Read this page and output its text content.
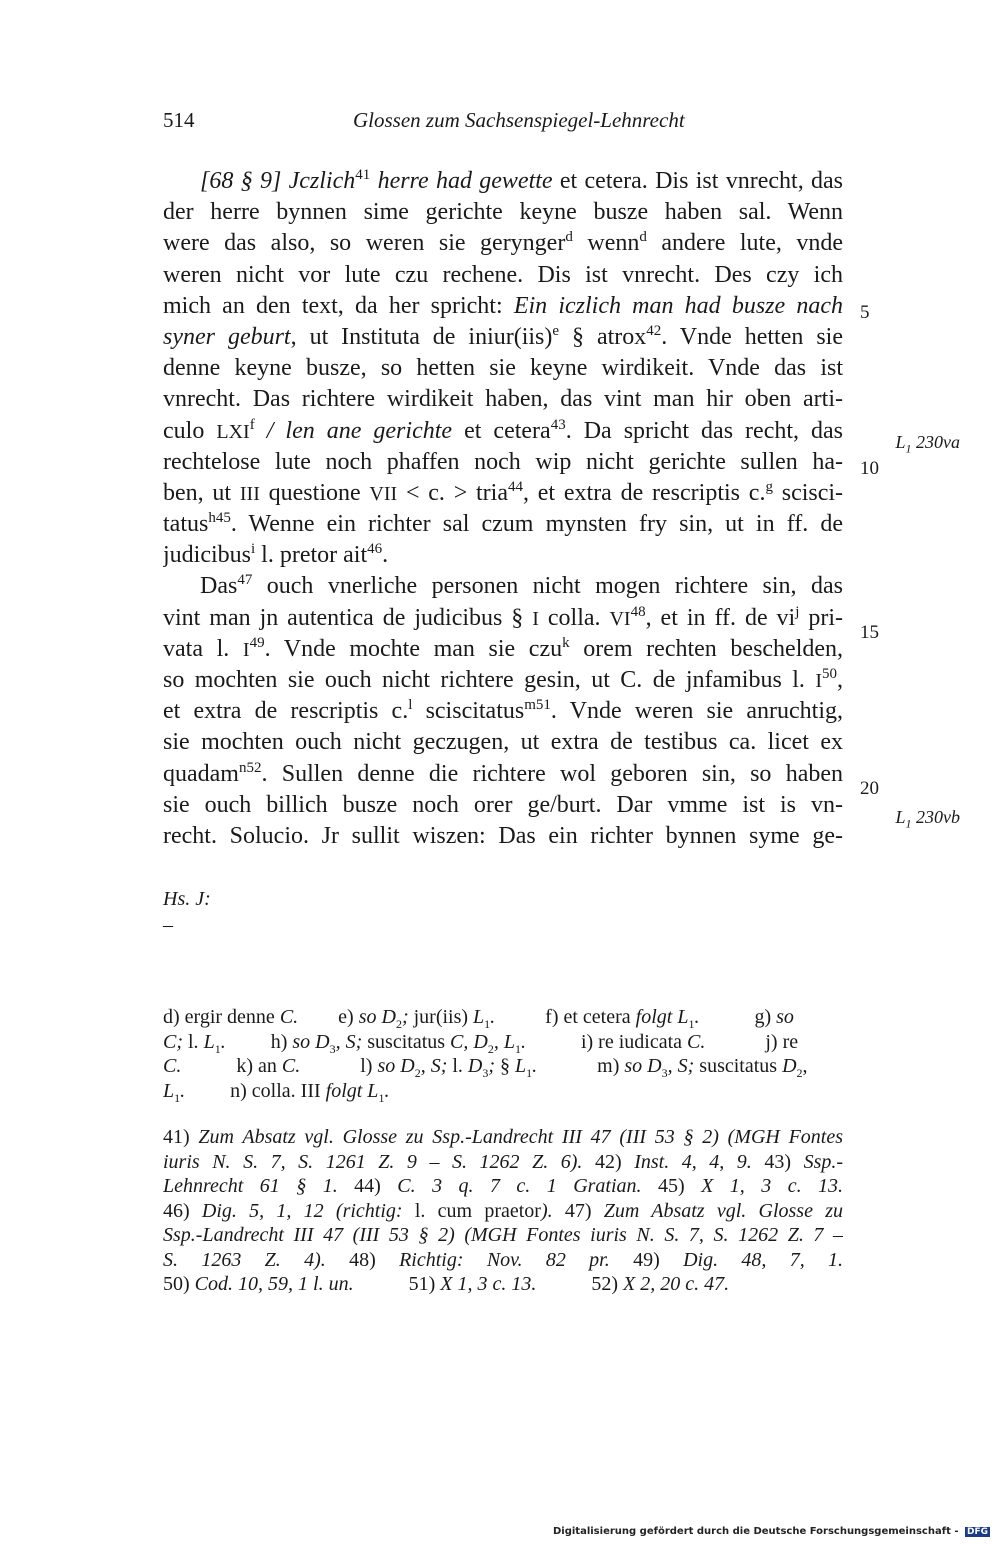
514	Glossen zum Sachsenspiegel-Lehnrecht
[68 § 9] Jczlich$^{41}$ herre had gewette et cetera. Dis ist vnrecht, das
der herre bynnen sime gerichte keyne busze haben sal. Wenn
were das also, so weren sie gerynger$^d$ wenn$^d$ andere lute, vnde
weren nicht vor lute czu rechene. Dis ist vnrecht. Des czy ich
mich an den text, da her spricht: Ein iczlich man had busze nach
syner geburt, ut Instituta de iniur(iis)$^e$ § atrox$^{42}$. Vnde hetten sie
denne keyne busze, so hetten sie keyne wirdikeit. Vnde das ist
vnrecht. Das richtere wirdikeit haben, das vint man hir oben arti-
culo LXI$^f$ / len ane gerichte et cetera$^{43}$. Da spricht das recht, das
rechtelose lute noch phaffen noch wip nicht gerichte sullen ha-
ben, ut III questione VII < c. > tria$^{44}$, et extra de rescriptis c.$^g$ sciscі-
tatus$^{h45}$. Wenne ein richter sal czum mynsten fry sin, ut in ff. de
judicibus$^i$ l. pretor ait$^{46}$.
Das$^{47}$ ouch vnerliche personen nicht mogen richtere sin, das
vint man jn autentica de judicibus § I colla. VI$^{48}$, et in ff. de $vi^j$ pri-
vata l. $I^{49}$. Vnde mochte man sie czu$^k$ orem rechten beschelden,
so mochten sie ouch nicht richtere gesin, ut C. de jnfamibus l. $I^{50}$,
et extra de rescriptis c.$^l$ sciscitatus$^{m51}$. Vnde weren sie anruchtig,
sie mochten ouch nicht geczugen, ut extra de testibus ca. licet ex
quadam$^{n52}$. Sullen denne die richtere wol geboren sin, so haben
sie ouch billich busze noch orer ge/burt. Dar vmme ist is vn-
recht. Solucio. Jr sullit wiszen: Das ein richter bynnen syme ge-
5
10
15
20
$L_1$ 230va
$L_1$ 230vb
Hs. J:
–
d) ergir denne C. e) so $D_2$; jur(iis) $L_1$.	f) et cetera folgt $L_1$.	g) so
C; l. $L_1$. h) so $D_3$, S; suscitatus C, $D_2$, $L_1$.	i) re iudicata C.	j) re
C.	k) an C.	l) so $D_2$, S; l. $D_3$; § $L_1$.	m) so $D_3$, S; suscitatus $D_2$,
$L_1$. n) colla. III folgt $L_1$.
41) Zum Absatz vgl. Glosse zu Ssp.-Landrecht III 47 (III 53 § 2) (MGH Fontes
iuris N. S. 7, S. 1261 Z. 9 – S. 1262 Z. 6). 42) Inst. 4, 4, 9. 43) Ssp.-
Lehnrecht 61 § 1. 44) C. 3 q. 7 c. 1 Gratian. 45) X 1, 3 c. 13.
46) Dig. 5, 1, 12 (richtig: l. cum praetor). 47) Zum Absatz vgl. Glosse zu
Ssp.-Landrecht III 47 (III 53 § 2) (MGH Fontes iuris N. S. 7, S. 1262 Z. 7 –
S. 1263 Z. 4). 48) Richtig: Nov. 82 pr. 49) Dig. 48, 7, 1.
50) Cod. 10, 59, 1 l. un.	51) X 1, 3 c. 13.	52) X 2, 20 c. 47.
Digitalisierung gefördert durch die Deutsche Forschungsgemeinschaft - DFG
